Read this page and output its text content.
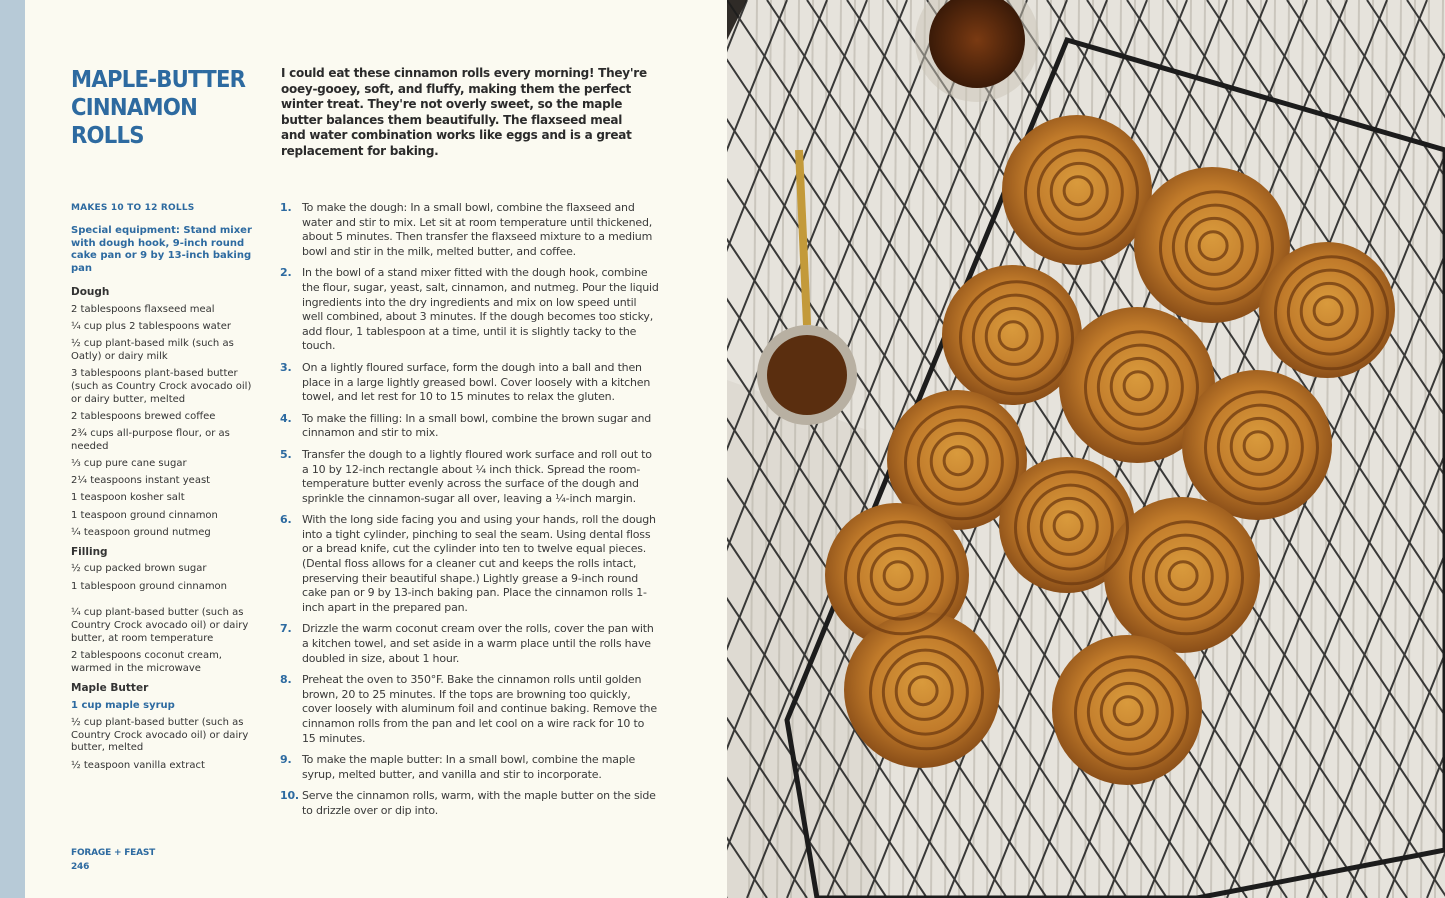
MAPLE-BUTTER CINNAMON ROLLS

I could eat these cinnamon rolls every morning! They're ooey-gooey, soft, and fluffy, making them the perfect winter treat. They're not overly sweet, so the maple butter balances them beautifully. The flaxseed meal and water combination works like eggs and is a great replacement for baking.

MAKES 10 TO 12 ROLLS
Special equipment: Stand mixer with dough hook, 9-inch round cake pan or 9 by 13-inch baking pan
Dough
2 tablespoons flaxseed meal
¼ cup plus 2 tablespoons water
½ cup plant-based milk (such as Oatly) or dairy milk
3 tablespoons plant-based butter (such as Country Crock avocado oil) or dairy butter, melted
2 tablespoons brewed coffee
2¾ cups all-purpose flour, or as needed
⅓ cup pure cane sugar
2¼ teaspoons instant yeast
1 teaspoon kosher salt
1 teaspoon ground cinnamon
¼ teaspoon ground nutmeg
Filling
½ cup packed brown sugar
1 tablespoon ground cinnamon
¼ cup plant-based butter (such as Country Crock avocado oil) or dairy butter, at room temperature
2 tablespoons coconut cream, warmed in the microwave
Maple Butter
1 cup maple syrup
½ cup plant-based butter (such as Country Crock avocado oil) or dairy butter, melted
½ teaspoon vanilla extract
1. To make the dough: In a small bowl, combine the flaxseed and water and stir to mix. Let sit at room temperature until thickened, about 5 minutes. Then transfer the flaxseed mixture to a medium bowl and stir in the milk, melted butter, and coffee.
2. In the bowl of a stand mixer fitted with the dough hook, combine the flour, sugar, yeast, salt, cinnamon, and nutmeg. Pour the liquid ingredients into the dry ingredients and mix on low speed until well combined, about 3 minutes. If the dough becomes too sticky, add flour, 1 tablespoon at a time, until it is slightly tacky to the touch.
3. On a lightly floured surface, form the dough into a ball and then place in a large lightly greased bowl. Cover loosely with a kitchen towel, and let rest for 10 to 15 minutes to relax the gluten.
4. To make the filling: In a small bowl, combine the brown sugar and cinnamon and stir to mix.
5. Transfer the dough to a lightly floured work surface and roll out to a 10 by 12-inch rectangle about ¼ inch thick. Spread the room-temperature butter evenly across the surface of the dough and sprinkle the cinnamon-sugar all over, leaving a ¼-inch margin.
6. With the long side facing you and using your hands, roll the dough into a tight cylinder, pinching to seal the seam. Using dental floss or a bread knife, cut the cylinder into ten to twelve equal pieces. (Dental floss allows for a cleaner cut and keeps the rolls intact, preserving their beautiful shape.) Lightly grease a 9-inch round cake pan or 9 by 13-inch baking pan. Place the cinnamon rolls 1-inch apart in the prepared pan.
7. Drizzle the warm coconut cream over the rolls, cover the pan with a kitchen towel, and set aside in a warm place until the rolls have doubled in size, about 1 hour.
8. Preheat the oven to 350°F. Bake the cinnamon rolls until golden brown, 20 to 25 minutes. If the tops are browning too quickly, cover loosely with aluminum foil and continue baking. Remove the cinnamon rolls from the pan and let cool on a wire rack for 10 to 15 minutes.
9. To make the maple butter: In a small bowl, combine the maple syrup, melted butter, and vanilla and stir to incorporate.
10. Serve the cinnamon rolls, warm, with the maple butter on the side to drizzle over or dip into.
FORAGE + FEAST
246
